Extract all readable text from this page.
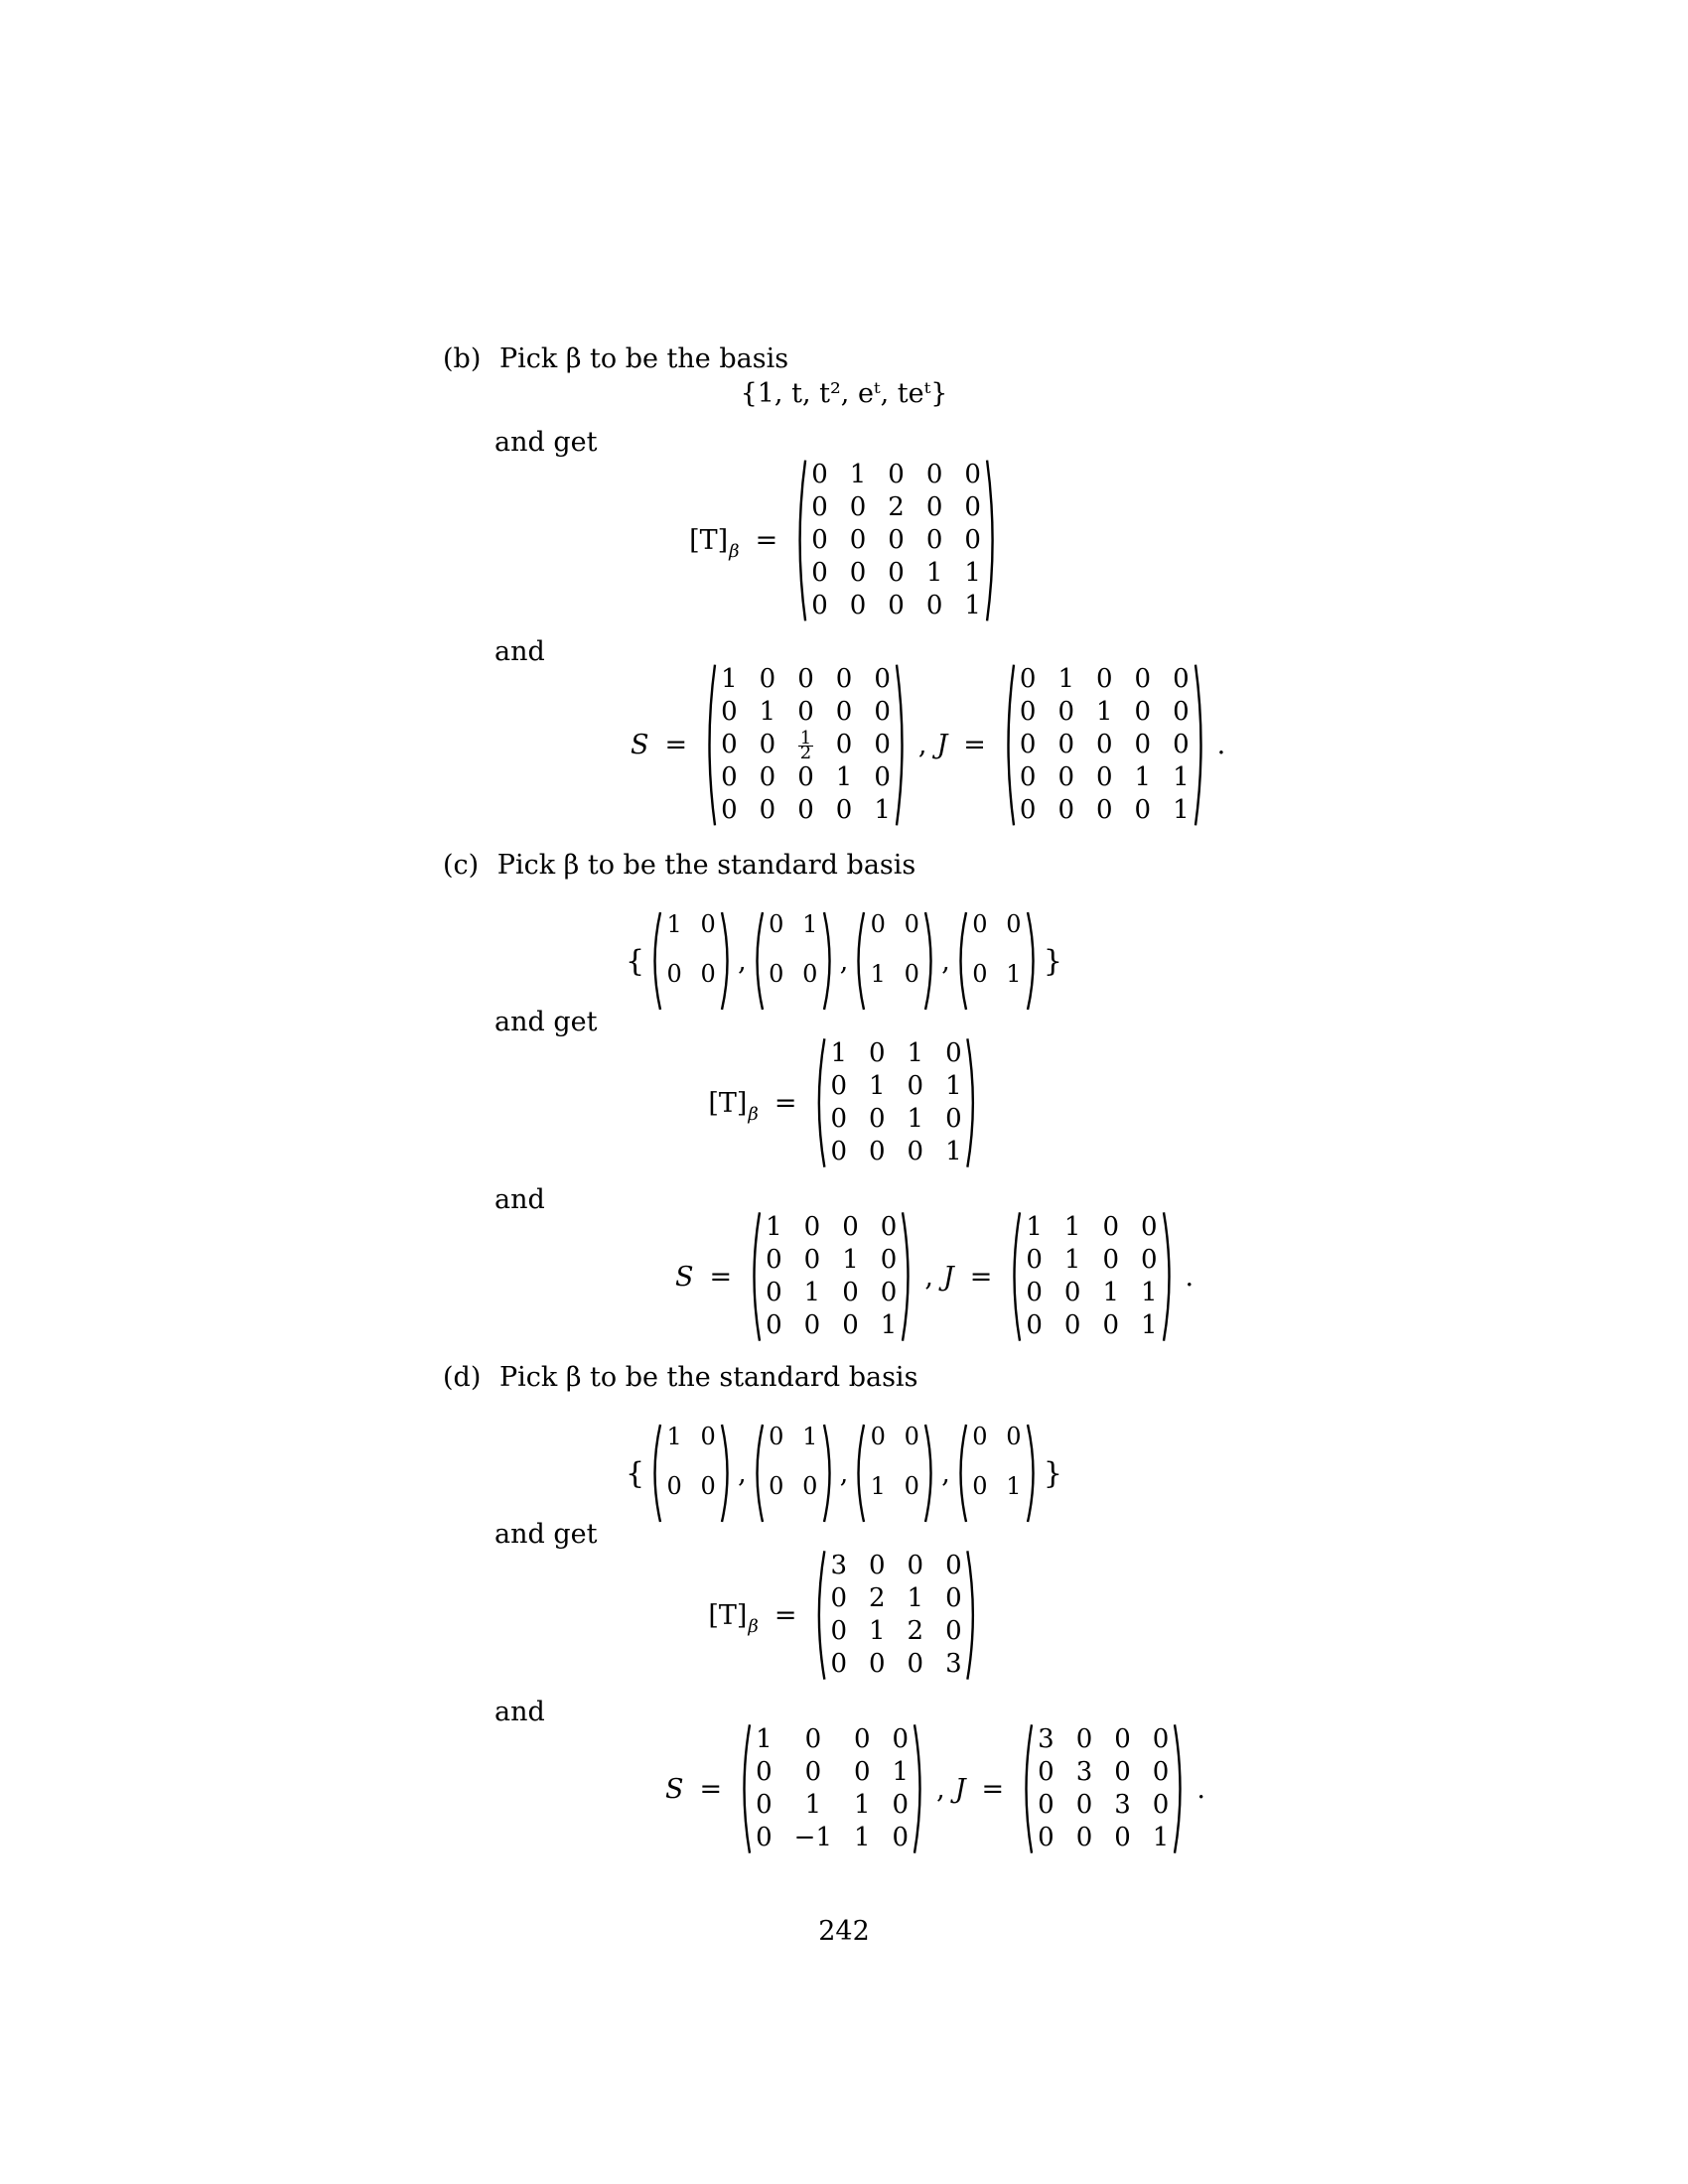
(b) Pick β to be the basis
{1, t, t², eᵗ, teᵗ}
and get
$[T]_\beta$ =
0 1 0 0 0
0 0 2 0 0
0 0 0 0 0
0 0 0 1 1
0 0 0 0 1
and
S =
1 0 0 0 0
0 1 0 0 0
0 $0 \frac{1}{2} 0$ 0
0 0 0 1 0
0 0 0 0 1
, J =
0 1 0 0 0
0 0 1 0 0
0 0 0 0 0
0 0 0 1 1
0 0 0 0 1
.
(c) Pick β to be the standard basis
{
1 0
0 0 ,
0 1
0 0 ,
0 0
1 0 ,
0 0
0 1 }
and get
$[T]_\beta$ =
1 0 1 0
0 1 0 1
0 0 1 0
0 0 0 1
and
S =
1 0 0 0
0 0 1 0
0 1 0 0
0 0 0 1
, J =
1 1 0 0
0 1 0 0
0 0 1 1
0 0 0 1
.
(d) Pick β to be the standard basis
{
1 0
0 0 ,
0 1
0 0 ,
0 0
1 0 ,
0 0
0 1 }
and get
$[T]_\beta$ =
3 0 0 0
0 2 1 0
0 1 2 0
0 0 0 3
and
S =
1	0	0 0
0	0	0 1
0	1	1 0
0 −1 1 0
, J =
3 0 0 0
0 3 0 0
0 0 3 0
0 0 0 1
.
242
